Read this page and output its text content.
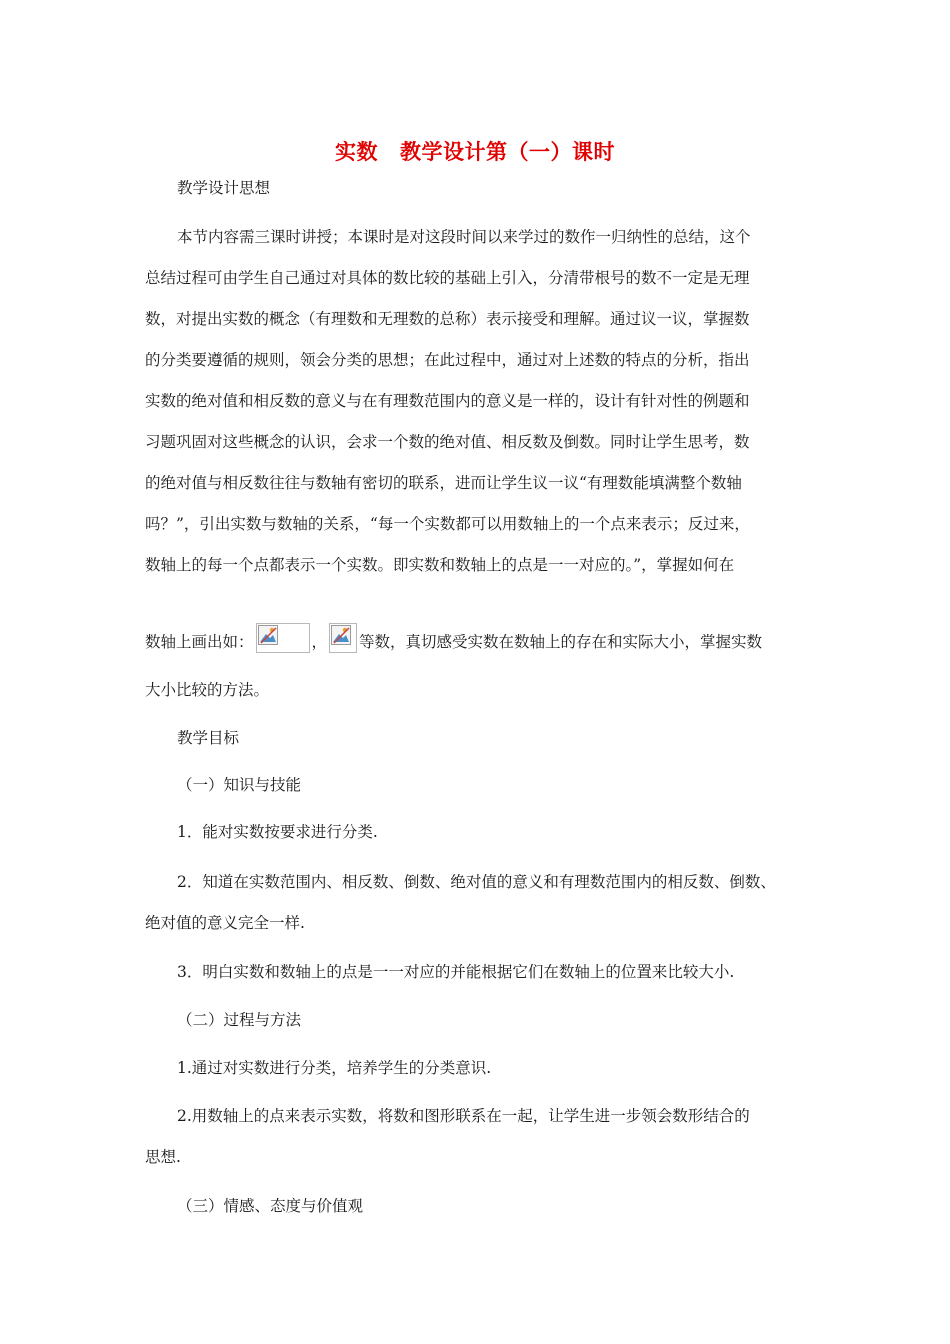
实数 教学设计第（一）课时
教学设计思想
本节内容需三课时讲授；本课时是对这段时间以来学过的数作一归纳性的总结，这个
总结过程可由学生自己通过对具体的数比较的基础上引入，分清带根号的数不一定是无理
数，对提出实数的概念（有理数和无理数的总称）表示接受和理解。通过议一议，掌握数
的分类要遵循的规则，领会分类的思想；在此过程中，通过对上述数的特点的分析，指出
实数的绝对值和相反数的意义与在有理数范围内的意义是一样的，设计有针对性的例题和
习题巩固对这些概念的认识，会求一个数的绝对值、相反数及倒数。同时让学生思考，数
的绝对值与相反数往往与数轴有密切的联系，进而让学生议一议“有理数能填满整个数轴
吗？”，引出实数与数轴的关系，“每一个实数都可以用数轴上的一个点来表示；反过来，
数轴上的每一个点都表示一个实数。即实数和数轴上的点是一一对应的。”，掌握如何在
数轴上画出如：	， 等数，真切感受实数在数轴上的存在和实际大小，掌握实数
大小比较的方法。
教学目标
（一）知识与技能
1．能对实数按要求进行分类.
2．知道在实数范围内、相反数、倒数、绝对值的意义和有理数范围内的相反数、倒数、
绝对值的意义完全一样.
3．明白实数和数轴上的点是一一对应的并能根据它们在数轴上的位置来比较大小.
（二）过程与方法
1.通过对实数进行分类，培养学生的分类意识.
2.用数轴上的点来表示实数，将数和图形联系在一起，让学生进一步领会数形结合的
思想.
（三）情感、态度与价值观
